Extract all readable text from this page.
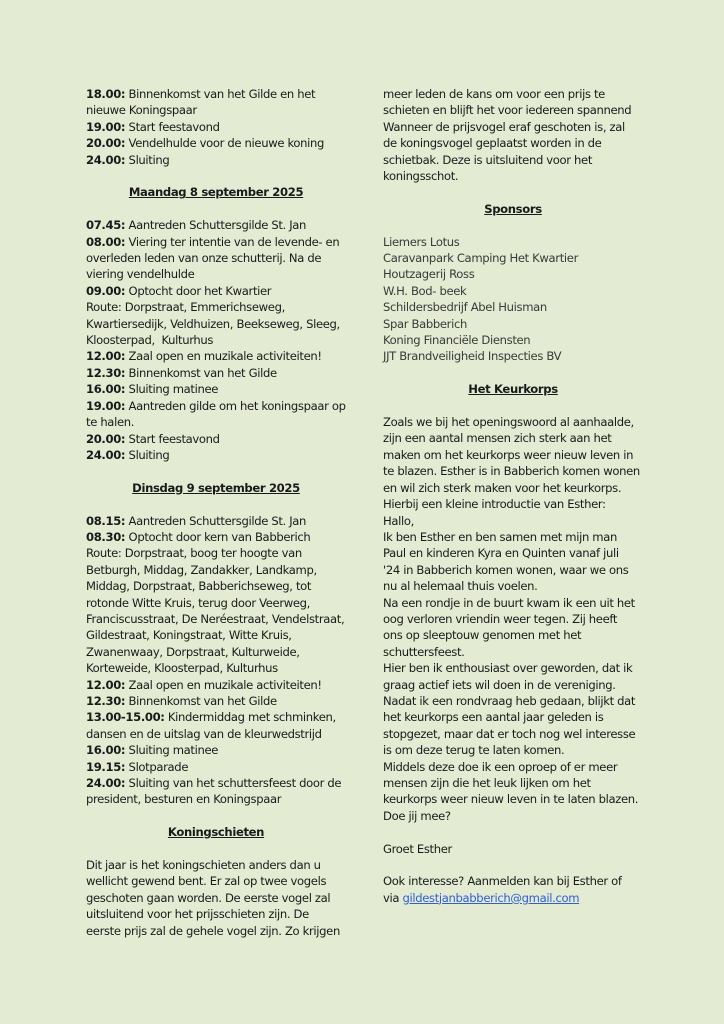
18.00: Binnenkomst van het Gilde en het
nieuwe Koningspaar
19.00: Start feestavond
20.00: Vendelhulde voor de nieuwe koning
24.00: Sluiting
Maandag 8 september 2025
07.45: Aantreden Schuttersgilde St. Jan
08.00: Viering ter intentie van de levende- en
overleden leden van onze schutterij. Na de
viering vendelhulde
09.00: Optocht door het Kwartier
Route: Dorpstraat, Emmerichseweg,
Kwartiersedijk, Veldhuizen, Beekseweg, Sleeg,
Kloosterpad,  Kulturhus
12.00: Zaal open en muzikale activiteiten!
12.30: Binnenkomst van het Gilde
16.00: Sluiting matinee
19.00: Aantreden gilde om het koningspaar op
te halen.
20.00: Start feestavond
24.00: Sluiting
Dinsdag 9 september 2025
08.15: Aantreden Schuttersgilde St. Jan
08.30: Optocht door kern van Babberich
Route: Dorpstraat, boog ter hoogte van
Betburgh, Middag, Zandakker, Landkamp,
Middag, Dorpstraat, Babberichseweg, tot
rotonde Witte Kruis, terug door Veerweg,
Franciscusstraat, De Neréestraat, Vendelstraat,
Gildestraat, Koningstraat, Witte Kruis,
Zwanenwaay, Dorpstraat, Kulturweide,
Korteweide, Kloosterpad, Kulturhus
12.00: Zaal open en muzikale activiteiten!
12.30: Binnenkomst van het Gilde
13.00-15.00: Kindermiddag met schminken,
dansen en de uitslag van de kleurwedstrijd
16.00: Sluiting matinee
19.15: Slotparade
24.00: Sluiting van het schuttersfeest door de
president, besturen en Koningspaar
Koningschieten
Dit jaar is het koningschieten anders dan u
wellicht gewend bent. Er zal op twee vogels
geschoten gaan worden. De eerste vogel zal
uitsluitend voor het prijsschieten zijn. De
eerste prijs zal de gehele vogel zijn. Zo krijgen
meer leden de kans om voor een prijs te
schieten en blijft het voor iedereen spannend
Wanneer de prijsvogel eraf geschoten is, zal
de koningsvogel geplaatst worden in de
schietbak. Deze is uitsluitend voor het
koningsschot.
Sponsors
Liemers Lotus
Caravanpark Camping Het Kwartier
Houtzagerij Ross
W.H. Bod- beek
Schildersbedrijf Abel Huisman
Spar Babberich
Koning Financiële Diensten
JJT Brandveiligheid Inspecties BV
Het Keurkorps
Zoals we bij het openingswoord al aanhaalde,
zijn een aantal mensen zich sterk aan het
maken om het keurkorps weer nieuw leven in
te blazen. Esther is in Babberich komen wonen
en wil zich sterk maken voor het keurkorps.
Hierbij een kleine introductie van Esther:
Hallo,
Ik ben Esther en ben samen met mijn man
Paul en kinderen Kyra en Quinten vanaf juli
'24 in Babberich komen wonen, waar we ons
nu al helemaal thuis voelen.
Na een rondje in de buurt kwam ik een uit het
oog verloren vriendin weer tegen. Zij heeft
ons op sleeptouw genomen met het
schuttersfeest.
Hier ben ik enthousiast over geworden, dat ik
graag actief iets wil doen in de vereniging.
Nadat ik een rondvraag heb gedaan, blijkt dat
het keurkorps een aantal jaar geleden is
stopgezet, maar dat er toch nog wel interesse
is om deze terug te laten komen.
Middels deze doe ik een oproep of er meer
mensen zijn die het leuk lijken om het
keurkorps weer nieuw leven in te laten blazen.
Doe jij mee?
Groet Esther
Ook interesse? Aanmelden kan bij Esther of
via gildestjanbabberich@gmail.com
